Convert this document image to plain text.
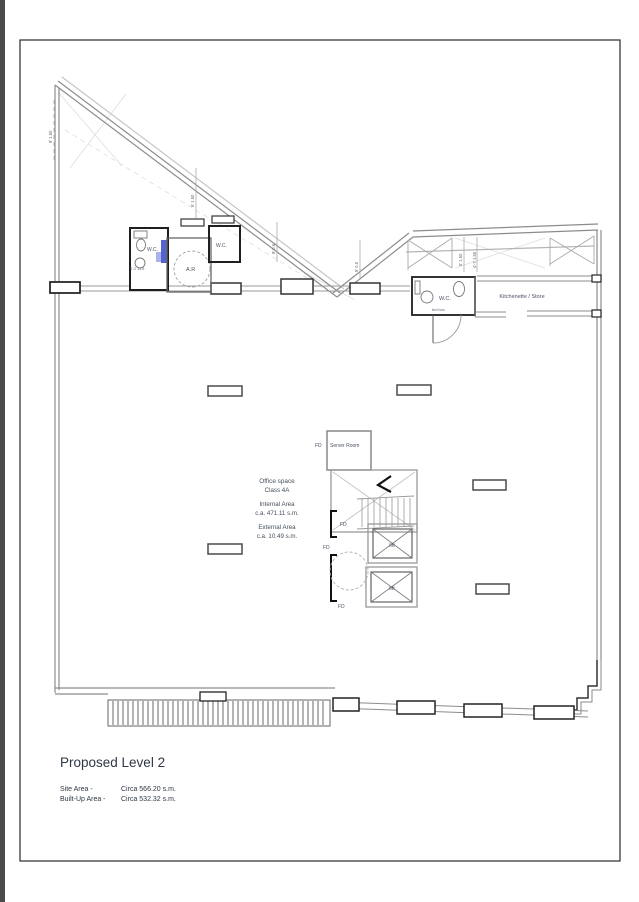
9' 1.50
6' 1.50
9' 0.5
9' 0.5
5' 1.50 4'-7 1.50
W.C.
W.C.
A.R
W.C.	Kitchenette / Store
Server Room
lift
lift
FD
FD
FD
FD
5'-2 11.5
brd box
Office space
Class 4A
Internal Area
c.a. 471.11 s.m.
External Area
c.a. 10.49 s.m.
Proposed Level 2
Site Area -	Circa 566.20 s.m.
Built-Up Area - Circa 532.32 s.m.
